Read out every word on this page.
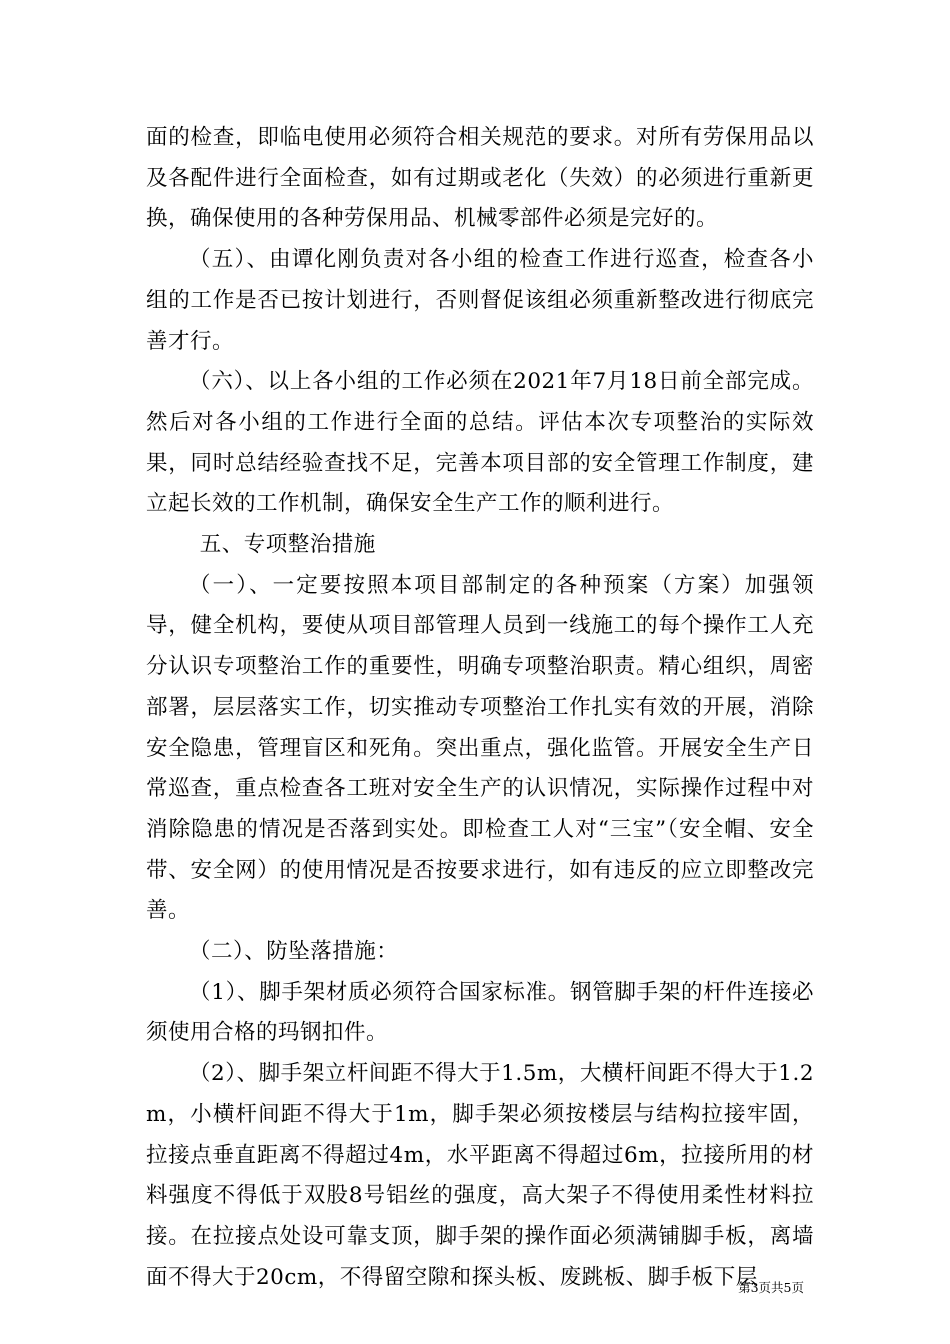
面的检查，即临电使用必须符合相关规范的要求。对所有劳保用品以及各配件进行全面检查，如有过期或老化（失效）的必须进行重新更换，确保使用的各种劳保用品、机械零部件必须是完好的。

（五）、由谭化刚负责对各小组的检查工作进行巡查，检查各小组的工作是否已按计划进行，否则督促该组必须重新整改进行彻底完善才行。

（六）、以上各小组的工作必须在2021年7月18日前全部完成。然后对各小组的工作进行全面的总结。评估本次专项整治的实际效果，同时总结经验查找不足，完善本项目部的安全管理工作制度，建立起长效的工作机制，确保安全生产工作的顺利进行。

五、专项整治措施

（一）、一定要按照本项目部制定的各种预案（方案）加强领导，健全机构，要使从项目部管理人员到一线施工的每个操作工人充分认识专项整治工作的重要性，明确专项整治职责。精心组织，周密部署，层层落实工作，切实推动专项整治工作扎实有效的开展，消除安全隐患，管理盲区和死角。突出重点，强化监管。开展安全生产日常巡查，重点检查各工班对安全生产的认识情况，实际操作过程中对消除隐患的情况是否落到实处。即检查工人对“三宝”（安全帽、安全带、安全网）的使用情况是否按要求进行，如有违反的应立即整改完善。

（二）、防坠落措施：

（1）、脚手架材质必须符合国家标准。钢管脚手架的杆件连接必须使用合格的玛钢扣件。

（2）、脚手架立杆间距不得大于1.5m，大横杆间距不得大于1.2m，小横杆间距不得大于1m，脚手架必须按楼层与结构拉接牢固，拉接点垂直距离不得超过4m，水平距离不得超过6m，拉接所用的材料强度不得低于双股8号铝丝的强度，高大架子不得使用柔性材料拉接。在拉接点处设可靠支顶，脚手架的操作面必须满铺脚手板，离墙面不得大于20cm，不得留空隙和探头板、废跳板、脚手板下层

第3页共5页
